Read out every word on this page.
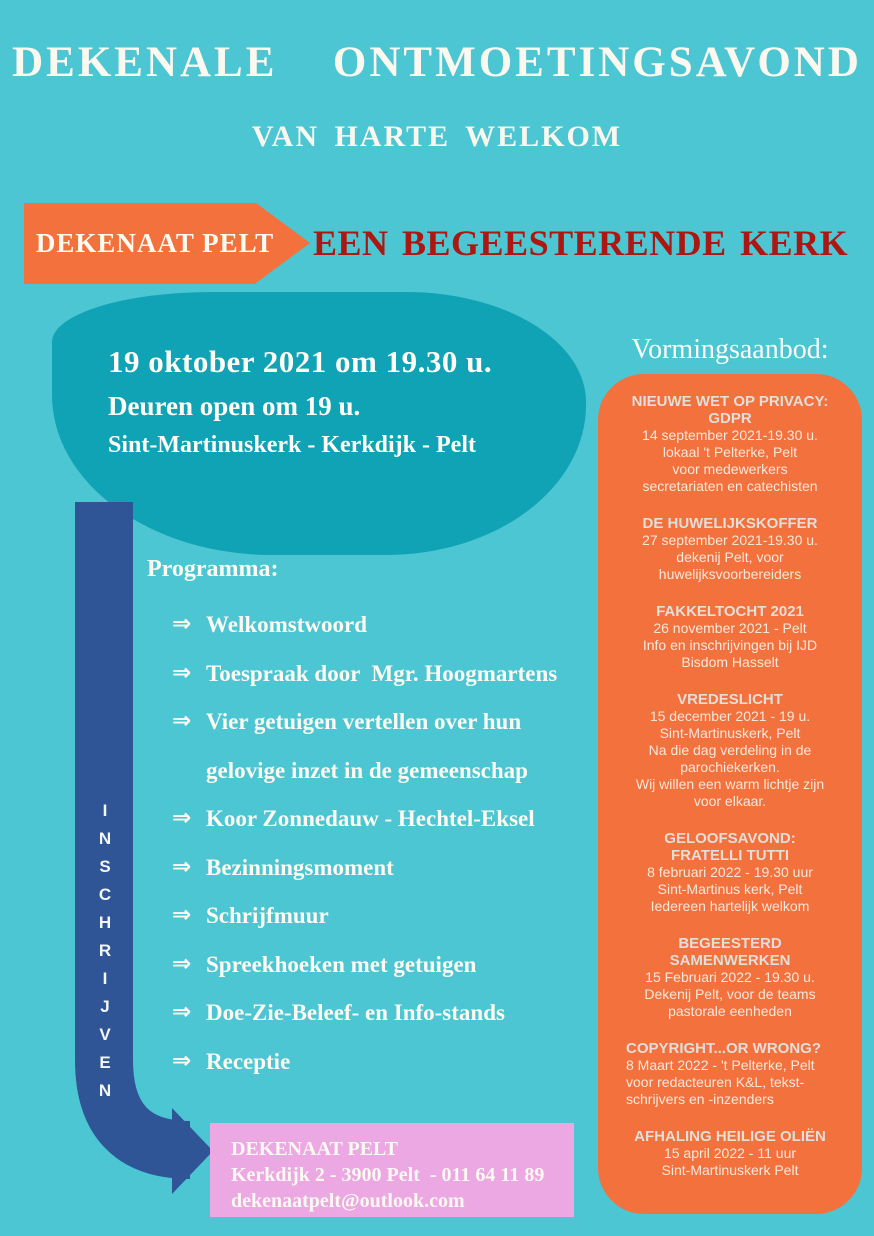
DEKENALE  ONTMOETINGSAVOND
VAN HARTE WELKOM
DEKENAAT PELT	EEN BEGEESTERENDE KERK
19 oktober 2021 om 19.30 u.
Deuren open om 19 u.
Sint-Martinuskerk - Kerkdijk - Pelt
I
N
S
C
H
R
I
J
V
E
N
Programma:
⇒ Welkomstwoord
⇒ Toespraak door  Mgr. Hoogmartens
⇒ Vier getuigen vertellen over hun
gelovige inzet in de gemeenschap
⇒ Koor Zonnedauw - Hechtel-Eksel
⇒ Bezinningsmoment
⇒ Schrijfmuur
⇒ Spreekhoeken met getuigen
⇒ Doe-Zie-Beleef- en Info-stands
⇒ Receptie
Vormingsaanbod:
NIEUWE WET OP PRIVACY:
GDPR
14 september 2021-19.30 u.
lokaal 't Pelterke, Pelt
voor medewerkers
secretariaten en catechisten
DE HUWELIJKSKOFFER
27 september 2021-19.30 u.
dekenij Pelt, voor
huwelijksvoorbereiders
FAKKELTOCHT 2021
26 november 2021 - Pelt
Info en inschrijvingen bij IJD
Bisdom Hasselt
VREDESLICHT
15 december 2021 - 19 u.
Sint-Martinuskerk, Pelt
Na die dag verdeling in de
parochiekerken.
Wij willen een warm lichtje zijn
voor elkaar.
GELOOFSAVOND:
FRATELLI TUTTI
8 februari 2022 - 19.30 uur
Sint-Martinus kerk, Pelt
Iedereen hartelijk welkom
BEGEESTERD
SAMENWERKEN
15 Februari 2022 - 19.30 u.
Dekenij Pelt, voor de teams
pastorale eenheden
COPYRIGHT...OR WRONG?
8 Maart 2022 - 't Pelterke, Pelt
voor redacteuren K&L, tekst-
schrijvers en -inzenders
AFHALING HEILIGE OLIËN
15 april 2022 - 11 uur
Sint-Martinuskerk Pelt
DEKENAAT PELT
Kerkdijk 2 - 3900 Pelt  - 011 64 11 89
dekenaatpelt@outlook.com
